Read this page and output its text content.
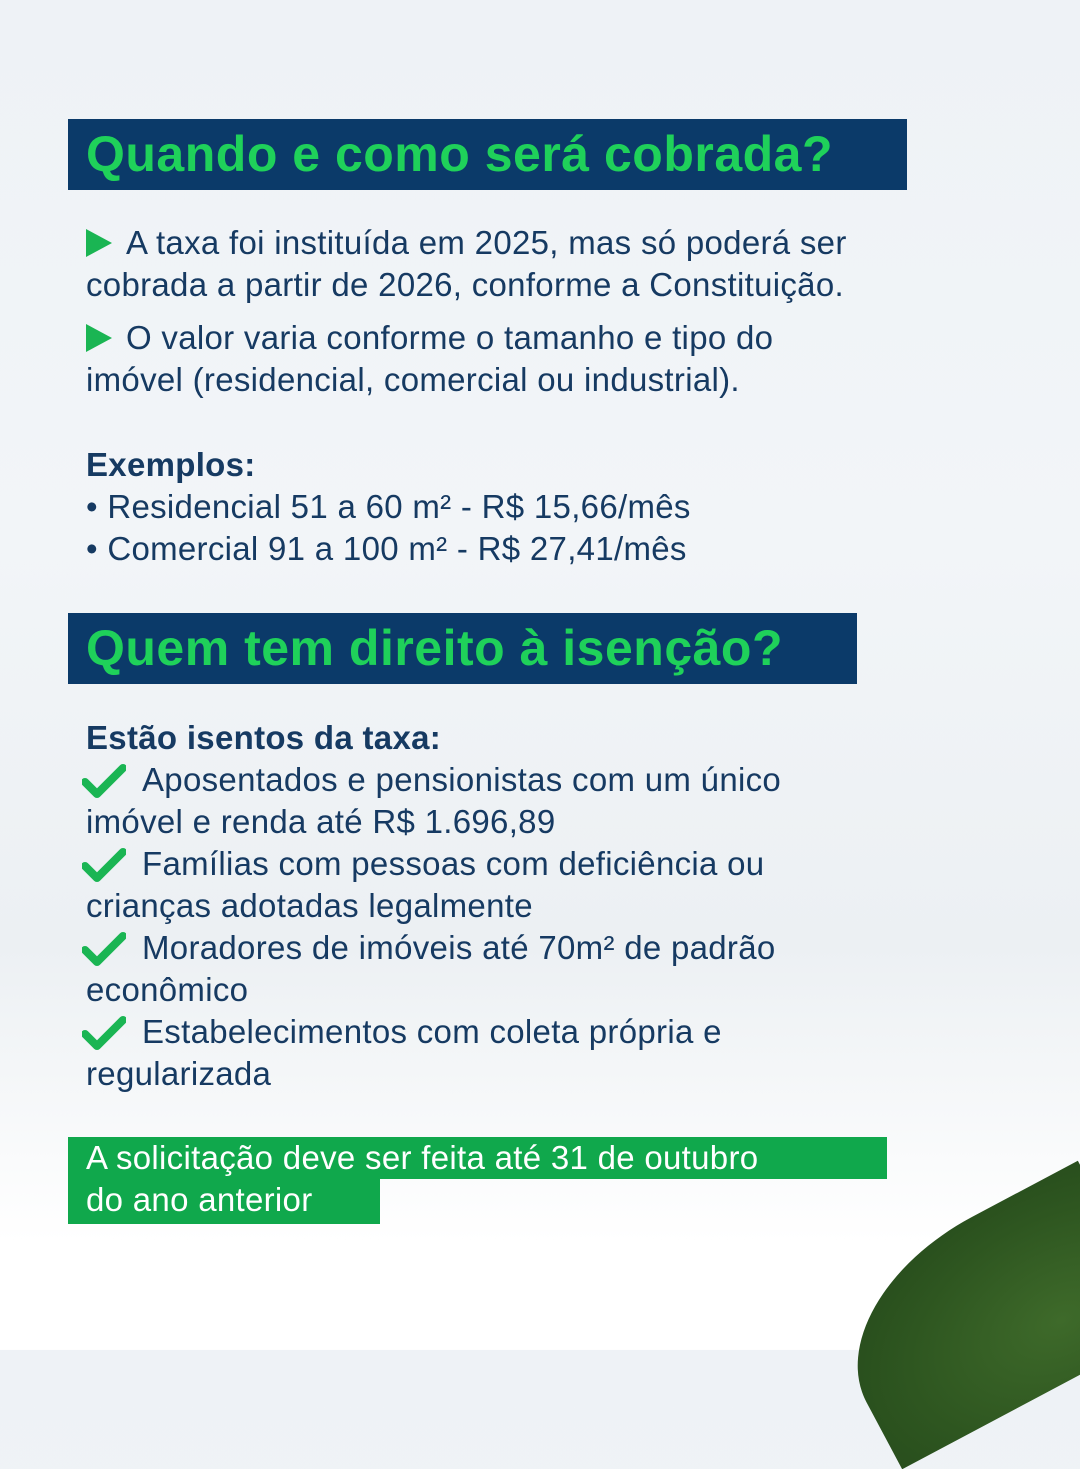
Quando e como será cobrada?
A taxa foi instituída em 2025, mas só poderá ser
cobrada a partir de 2026, conforme a Constituição.
O valor varia conforme o tamanho e tipo do
imóvel (residencial, comercial ou industrial).
Exemplos:
• Residencial 51 a 60 m² - R$ 15,66/mês
• Comercial 91 a 100 m² - R$ 27,41/mês
Quem tem direito à isenção?
Estão isentos da taxa:
Aposentados e pensionistas com um único
imóvel e renda até R$ 1.696,89
Famílias com pessoas com deficiência ou
crianças adotadas legalmente
Moradores de imóveis até 70m² de padrão
econômico
Estabelecimentos com coleta própria e
regularizada
A solicitação deve ser feita até 31 de outubro
do ano anterior
